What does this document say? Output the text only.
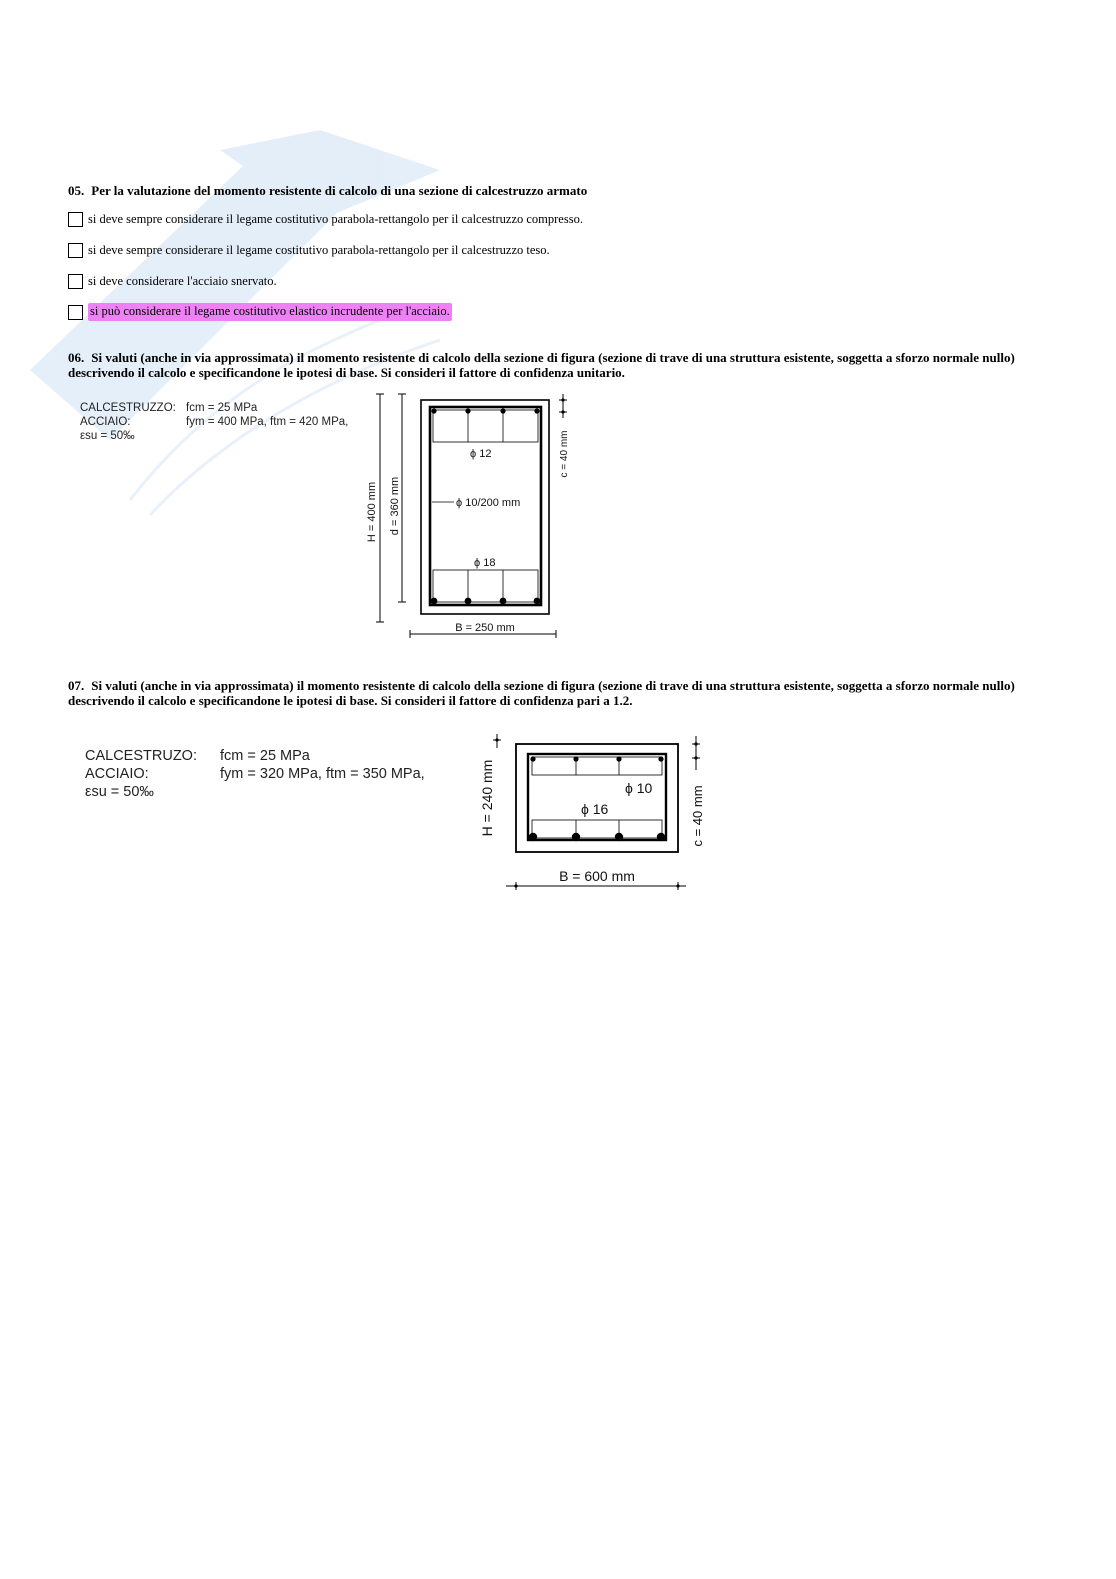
05. Per la valutazione del momento resistente di calcolo di una sezione di calcestruzzo armato
si deve sempre considerare il legame costitutivo parabola-rettangolo per il calcestruzzo compresso.
si deve sempre considerare il legame costitutivo parabola-rettangolo per il calcestruzzo teso.
si deve considerare l'acciaio snervato.
si può considerare il legame costitutivo elastico incrudente per l'acciaio.
06. Si valuti (anche in via approssimata) il momento resistente di calcolo della sezione di figura (sezione di trave di una struttura esistente, soggetta a sforzo normale nullo) descrivendo il calcolo e specificandone le ipotesi di base. Si consideri il fattore di confidenza unitario.
CALCESTRUZZO: fcm = 25 MPa
ACCIAIO:	fym = 400 MPa, ftm = 420 MPa,
εsu = 50‰
ϕ 12
ϕ 10/200 mm
ϕ 18
H = 400 mm d = 360 mm
c = 40 mm
B = 250 mm
07. Si valuti (anche in via approssimata) il momento resistente di calcolo della sezione di figura (sezione di trave di una struttura esistente, soggetta a sforzo normale nullo) descrivendo il calcolo e specificandone le ipotesi di base. Si consideri il fattore di confidenza pari a 1.2.
CALCESTRUZO:	fcm = 25 MPa
ACCIAIO:	fym = 320 MPa, ftm = 350 MPa,
εsu = 50‰	ϕ 10
ϕ 16
H = 240 mm	c = 40 mm
B = 600 mm
